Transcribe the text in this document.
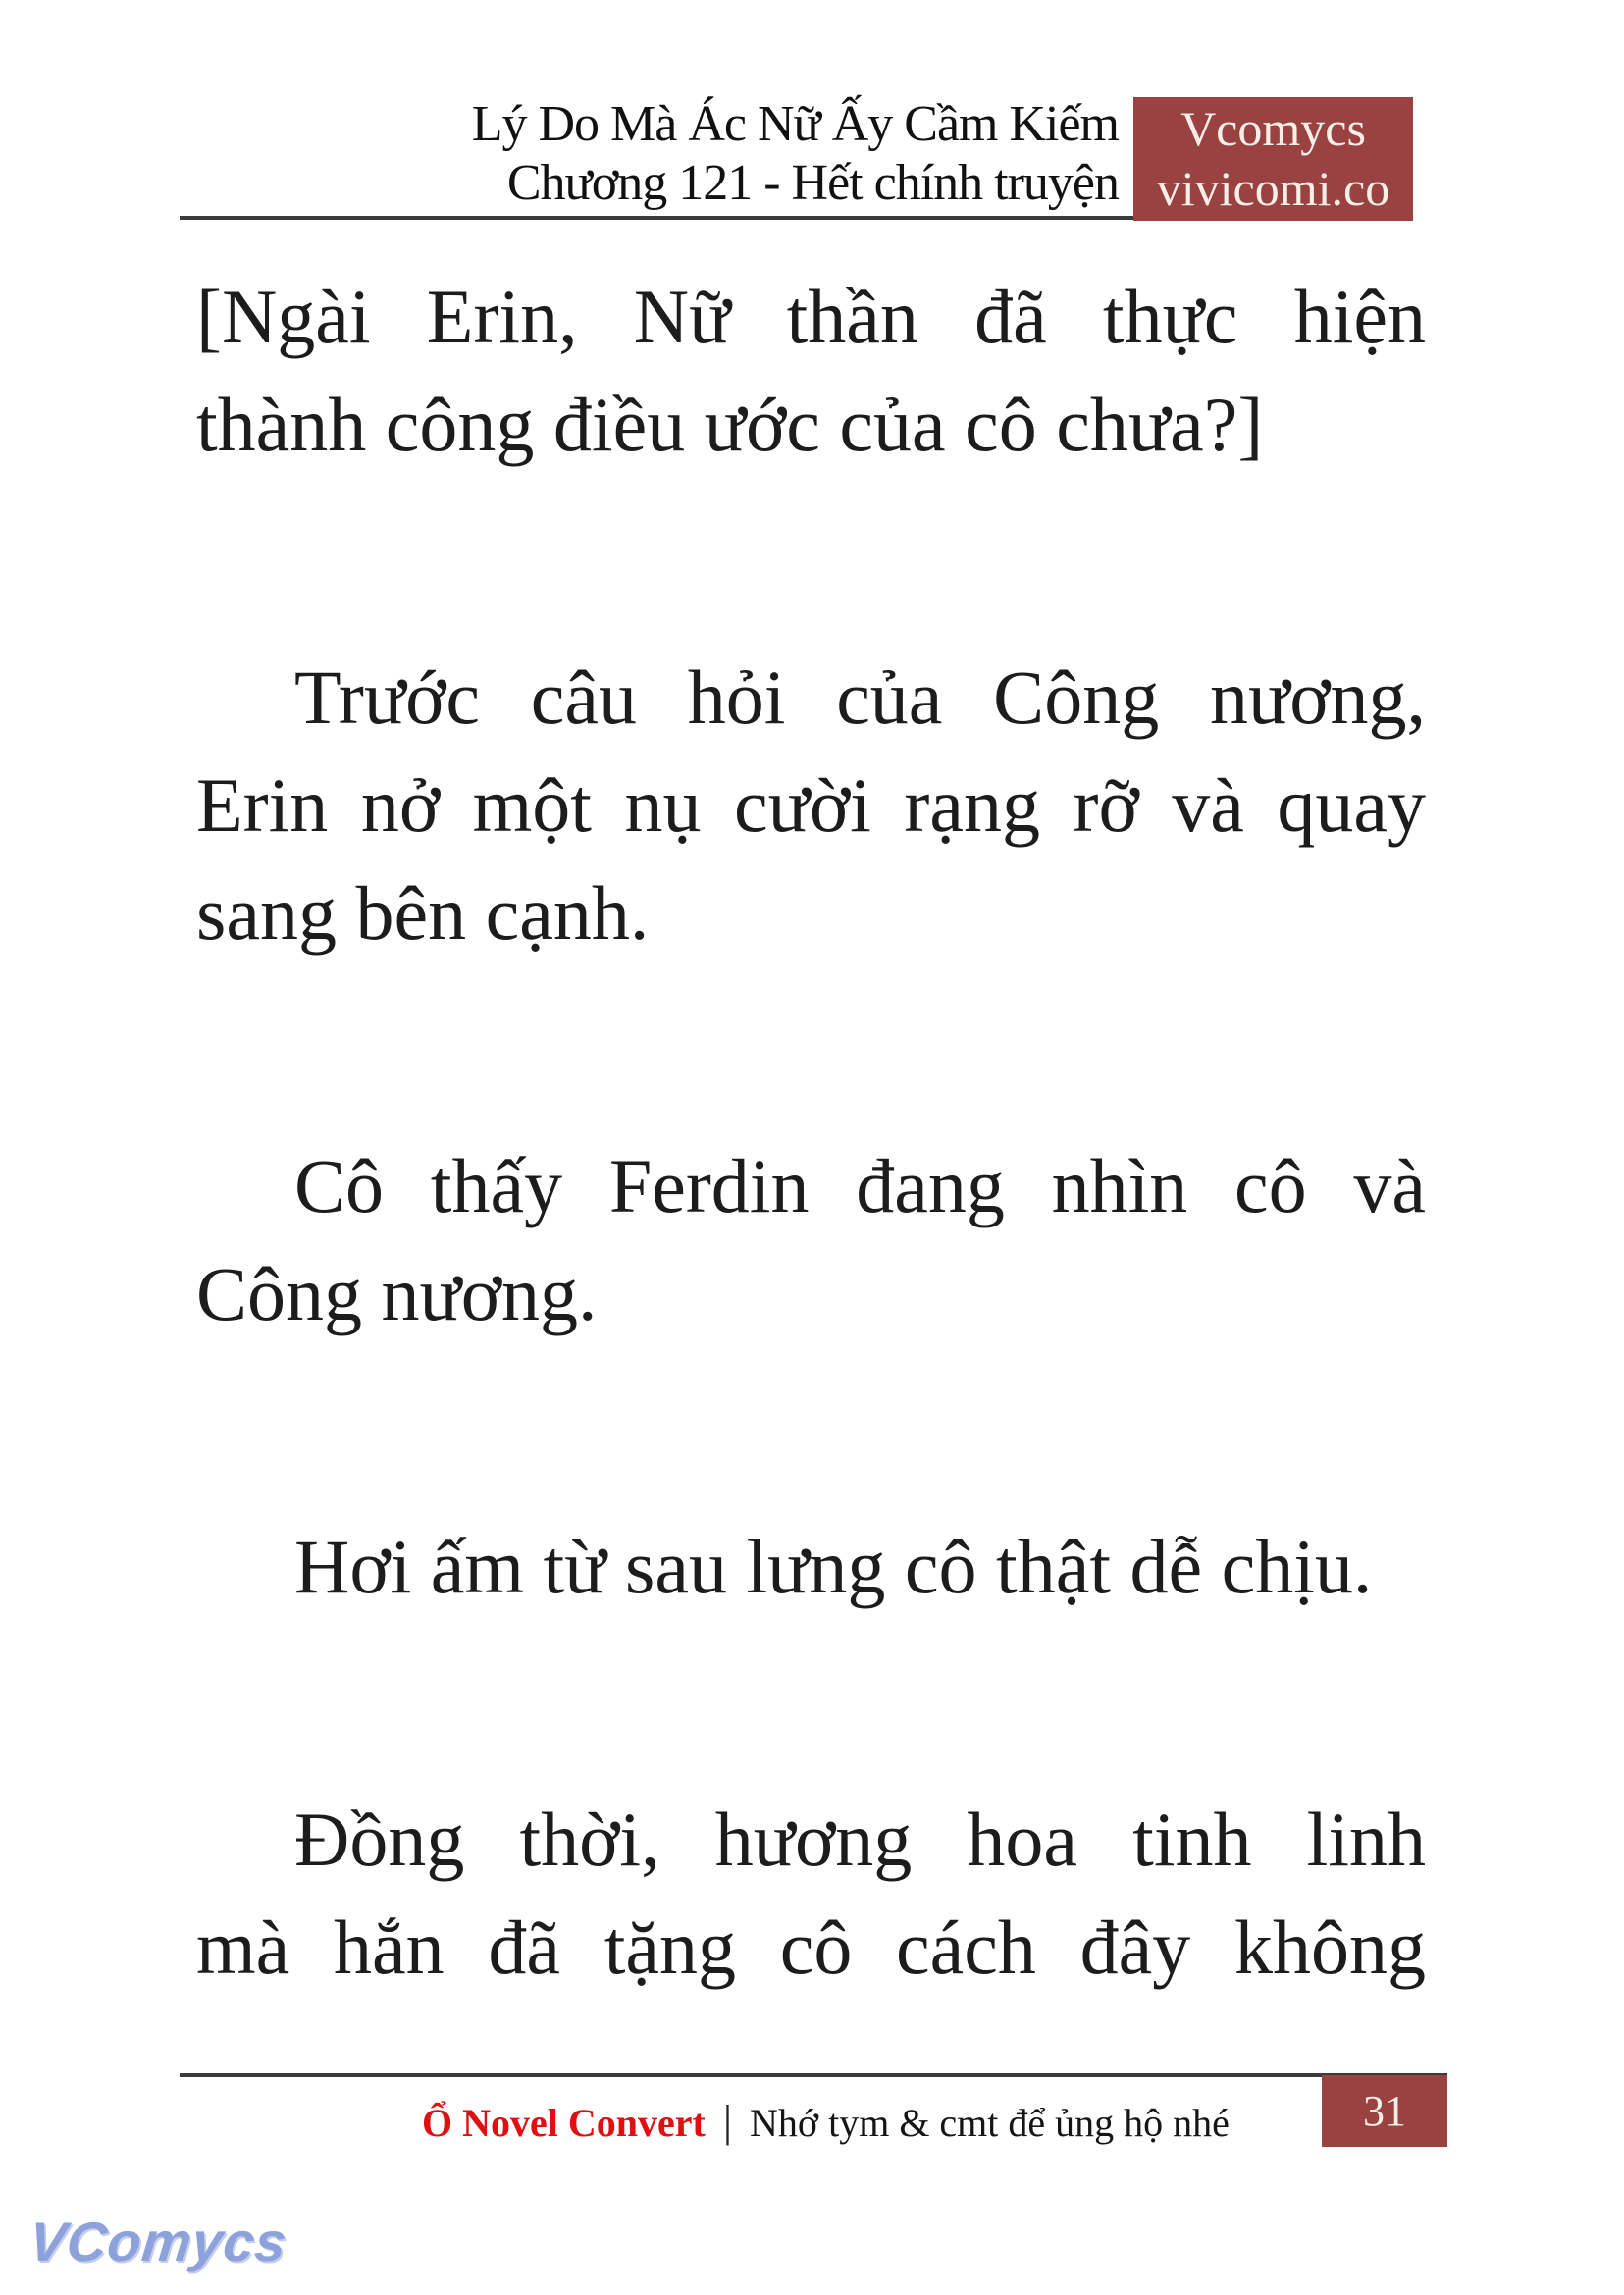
Lý Do Mà Ác Nữ Ấy Cầm Kiếm
Chương 121 - Hết chính truyện
Vcomycs
vivicomi.co
[Ngài Erin, Nữ thần đã thực hiện
thành công điều ước của cô chưa?]
Trước câu hỏi của Công nương,
Erin nở một nụ cười rạng rỡ và quay
sang bên cạnh.
Cô thấy Ferdin đang nhìn cô và
Công nương.
Hơi ấm từ sau lưng cô thật dễ chịu.
Đồng thời, hương hoa tinh linh
mà hắn đã tặng cô cách đây không
Ổ Novel Convert | Nhớ tym & cmt để ủng hộ nhé	31
VComycs
